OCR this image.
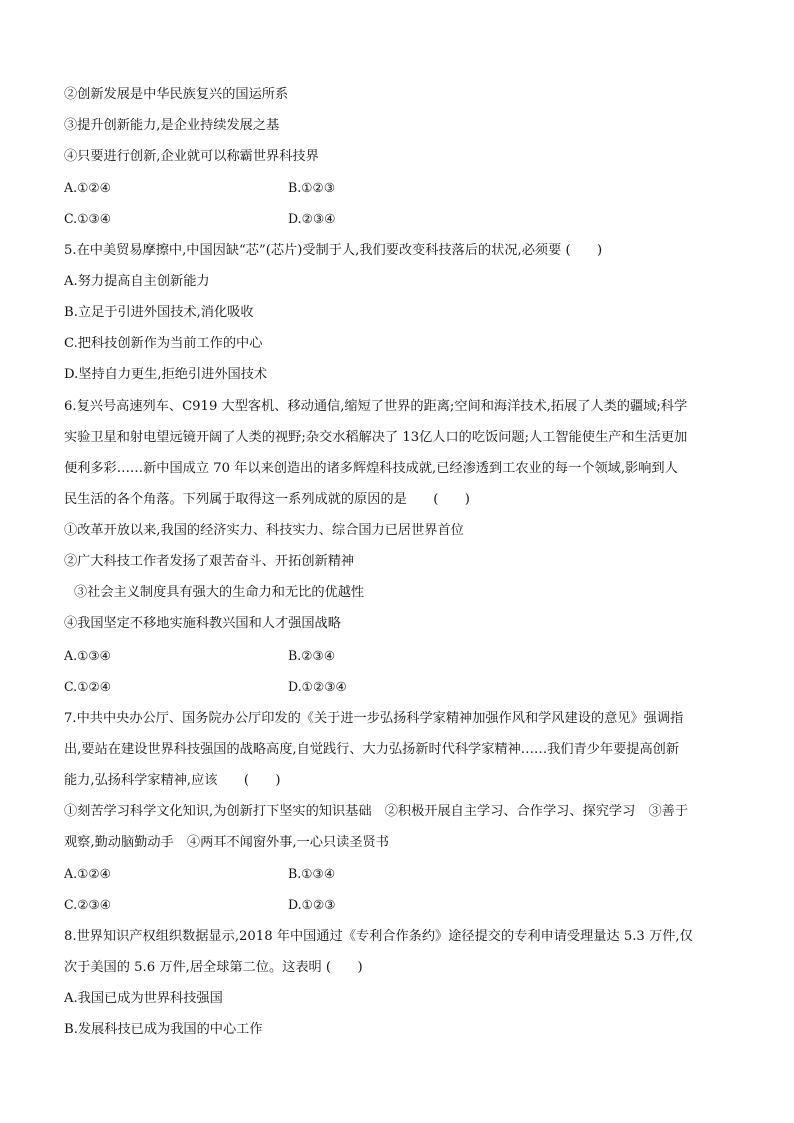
②创新发展是中华民族复兴的国运所系
③提升创新能力,是企业持续发展之基
④只要进行创新,企业就可以称霸世界科技界
A.①②④	B.①②③
C.①③④	D.②③④
5.在中美贸易摩擦中,中国因缺“芯”(芯片)受制于人,我们要改变科技落后的状况,必须要 (　　)
A.努力提高自主创新能力
B.立足于引进外国技术,消化吸收
C.把科技创新作为当前工作的中心
D.坚持自力更生,拒绝引进外国技术
6.复兴号高速列车、C919 大型客机、移动通信,缩短了世界的距离;空间和海洋技术,拓展了人类的疆域;科学
实验卫星和射电望远镜开阔了人类的视野;杂交水稻解决了 13亿人口的吃饭问题;人工智能使生产和生活更加
便利多彩……新中国成立 70 年以来创造出的诸多辉煌科技成就,已经渗透到工农业的每一个领域,影响到人
民生活的各个角落。下列属于取得这一系列成就的原因的是　　(　　)
①改革开放以来,我国的经济实力、科技实力、综合国力已居世界首位
②广大科技工作者发扬了艰苦奋斗、开拓创新精神
③社会主义制度具有强大的生命力和无比的优越性
④我国坚定不移地实施科教兴国和人才强国战略
A.①③④	B.②③④
C.①②④	D.①②③④
7.中共中央办公厅、国务院办公厅印发的《关于进一步弘扬科学家精神加强作风和学风建设的意见》强调指
出,要站在建设世界科技强国的战略高度,自觉践行、大力弘扬新时代科学家精神……我们青少年要提高创新
能力,弘扬科学家精神,应该　　(　　)
①刻苦学习科学文化知识,为创新打下坚实的知识基础　②积极开展自主学习、合作学习、探究学习　③善于
观察,勤动脑勤动手　④两耳不闻窗外事,一心只读圣贤书
A.①②④	B.①③④
C.②③④	D.①②③
8.世界知识产权组织数据显示,2018 年中国通过《专利合作条约》途径提交的专利申请受理量达 5.3 万件,仅
次于美国的 5.6 万件,居全球第二位。这表明 (　　)
A.我国已成为世界科技强国
B.发展科技已成为我国的中心工作
